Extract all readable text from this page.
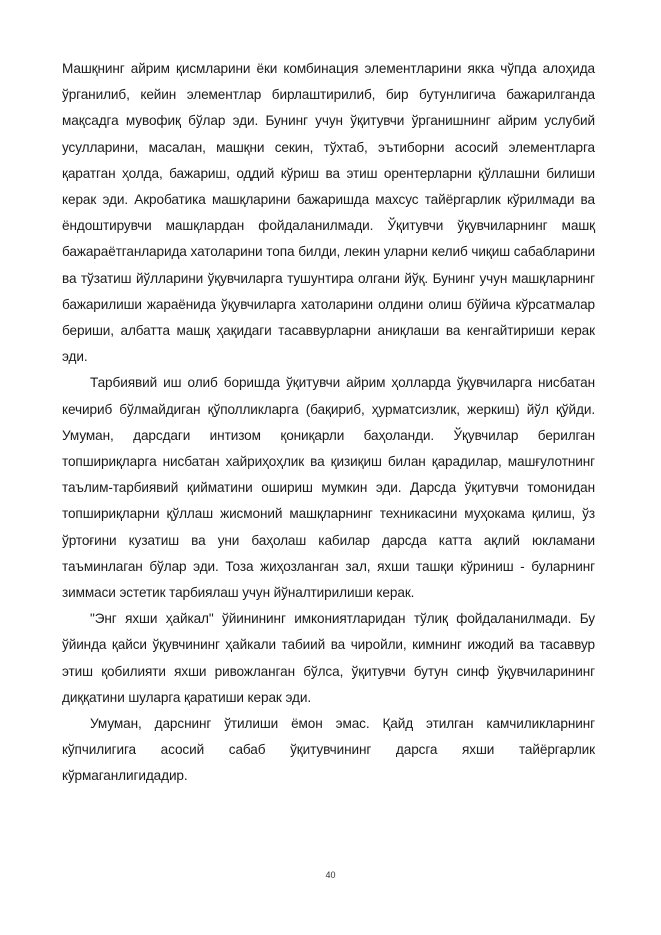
Машқнинг айрим қисмларини ёки комбинация элементларини якка чўпда алоҳида ўрганилиб, кейин элементлар бирлаштирилиб, бир бутунлигича бажарилганда мақсадга мувофиқ бўлар эди. Бунинг учун ўқитувчи ўрганишнинг айрим услубий усулларини, масалан, машқни секин, тўхтаб, эътиборни асосий элементларга қаратган ҳолда, бажариш, оддий кўриш ва этиш орентерларни қўллашни билиши керак эди. Акробатика машқларини бажаришда махсус тайёргарлик кўрилмади ва ёндоштирувчи машқлардан фойдаланилмади. Ўқитувчи ўқувчиларнинг машқ бажараётганларида хатоларини топа билди, лекин уларни келиб чиқиш сабабларини ва тўзатиш йўлларини ўқувчиларга тушунтира олгани йўқ. Бунинг учун машқларнинг бажарилиши жараёнида ўқувчиларга хатоларини олдини олиш бўйича кўрсатмалар бериши, албатта машқ ҳақидаги тасаввурларни аниқлаши ва кенгайтириши керак эди.

Тарбиявий иш олиб боришда ўқитувчи айрим ҳолларда ўқувчиларга нисбатан кечириб бўлмайдиган қўполликларга (бақириб, ҳурматсизлик, жеркиш) йўл қўйди. Умуман, дарсдаги интизом қониқарли баҳоланди. Ўқувчилар берилган топшириқларга нисбатан хайриҳоҳлик ва қизиқиш билан қарадилар, машғулотнинг таълим-тарбиявий қийматини ошириш мумкин эди. Дарсда ўқитувчи томонидан топшириқларни қўллаш жисмоний машқларнинг техникасини муҳокама қилиш, ўз ўртоғини кузатиш ва уни баҳолаш кабилар дарсда катта ақлий юкламани таъминлаган бўлар эди. Тоза жиҳозланган зал, яхши ташқи кўриниш - буларнинг зиммаси эстетик тарбиялаш учун йўналтирилиши керак.

"Энг яхши ҳайкал" ўйинининг имкониятларидан тўлиқ фойдаланилмади. Бу ўйинда қайси ўқувчининг ҳайкали табиий ва чиройли, кимнинг ижодий ва тасаввур этиш қобилияти яхши ривожланган бўлса, ўқитувчи бутун синф ўқувчиларининг диққатини шуларга қаратиши керак эди.

Умуман, дарснинг ўтилиши ёмон эмас. Қайд этилган камчиликларнинг кўпчилигига асосий сабаб ўқитувчининг дарсга яхши тайёргарлик кўрмаганлигидадир.

40
